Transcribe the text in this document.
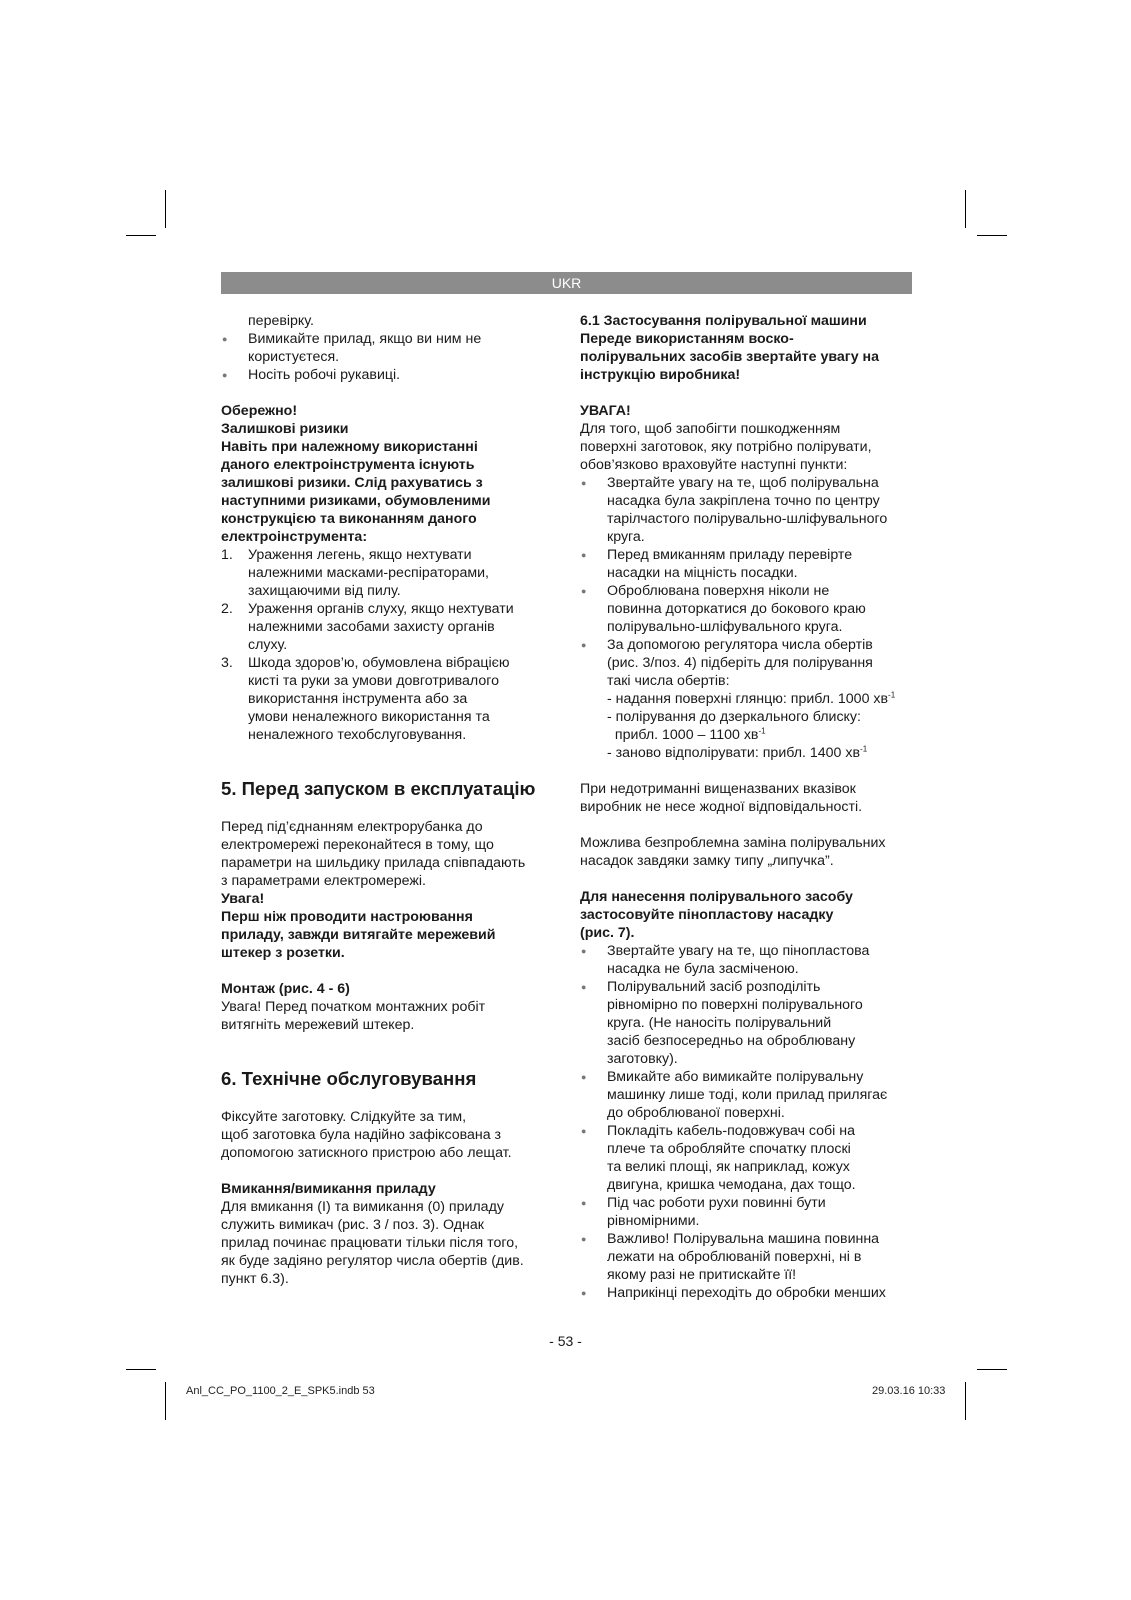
UKR

перевірку.

● Вимикайте прилад, якщо ви ним не

користуєтеся.

● Носіть робочі рукавиці.

Обережно!

Залишкові ризики

Навіть при належному використанні

даного електроінструмента існують

залишкові ризики. Слід рахуватись з

наступними ризиками, обумовленими

конструкцією та виконанням даного

електроінструмента:

1. Ураження легень, якщо нехтувати

належними масками-респіраторами,

захищаючими від пилу.

2. Ураження органів слуху, якщо нехтувати

належними засобами захисту органів

слуху.

3. Шкода здоров’ю, обумовлена вібрацією

кисті та руки за умови довготривалого

використання інструмента або за

умови неналежного використання та

неналежного техобслуговування.

5. Перед запуском в експлуатацію

Перед під’єднанням електрорубанка до

електромережі переконайтеся в тому, що

параметри на шильдику прилада співпадають

з параметрами електромережі.

Увага!

Перш ніж проводити настроювання

приладу, завжди витягайте мережевий

штекер з розетки.

Монтаж (рис. 4 - 6)

Увага! Перед початком монтажних робіт

витягніть мережевий штекер.

6. Технічне обслуговування

Фіксуйте заготовку. Слідкуйте за тим,

щоб заготовка була надійно зафіксована з

допомогою затискного пристрою або лещат.

Вмикання/вимикання приладу

Для вмикання (I) та вимикання (0) приладу

служить вимикач (рис. 3 / поз. 3). Однак

прилад починає працювати тільки після того,

як буде задіяно регулятор числа обертів (див.

пункт 6.3).

6.1 Застосування полірувальної машини

Переде використанням воско-

полірувальних засобів звертайте увагу на

інструкцію виробника!

УВАГА!

Для того, щоб запобігти пошкодженням

поверхні заготовок, яку потрібно полірувати,

обов’язково враховуйте наступні пункти:

● Звертайте увагу на те, щоб полірувальна

насадка була закріплена точно по центру

тарілчастого полірувально-шліфувального

круга.

● Перед вмиканням приладу перевірте

насадки на міцність посадки.

● Оброблювана поверхня ніколи не

повинна доторкатися до бокового краю

полірувально-шліфувального круга.

● За допомогою регулятора числа обертів

(рис. 3/поз. 4) підберіть для полірування

такі числа обертів:

- надання поверхні глянцю: прибл. 1000 $хв^{-1}$

- полірування до дзеркального блиску:

прибл. 1000 – 1100 $хв^{-1}$

- заново відполірувати: прибл. 1400 $хв^{-1}$

При недотриманні вищеназваних вказівок

виробник не несе жодної відповідальності.

Можлива безпроблемна заміна полірувальних

насадок завдяки замку типу „липучка”.

Для нанесення полірувального засобу

застосовуйте пінопластову насадку

(рис. 7).

● Звертайте увагу на те, що пінопластова

насадка не була засміченою.

● Полірувальний засіб розподіліть

рівномірно по поверхні полірувального

круга. (Не наносіть полірувальний

засіб безпосередньо на оброблювану

заготовку).

● Вмикайте або вимикайте полірувальну

машинку лише тоді, коли прилад прилягає

до оброблюваної поверхні.

● Покладіть кабель-подовжувач собі на

плече та обробляйте спочатку плоскі

та великі площі, як наприклад, кожух

двигуна, кришка чемодана, дах тощо.

● Під час роботи рухи повинні бути

рівномірними.

● Важливо! Полірувальна машина повинна

лежати на оброблюваній поверхні, ні в

якому разі не притискайте її!

● Наприкінці переходіть до обробки менших

- 53 -
Anl_CC_PO_1100_2_E_SPK5.indb 53	29.03.16 10:33
